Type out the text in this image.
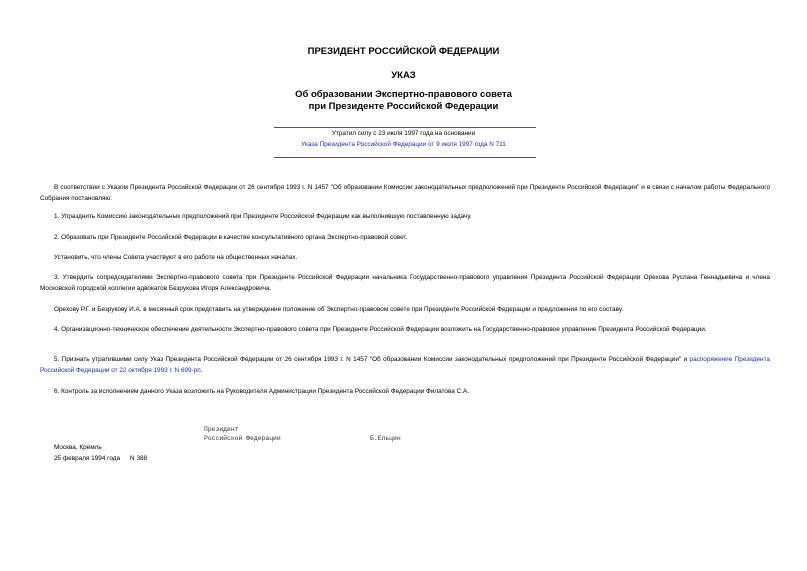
ПРЕЗИДЕНТ РОССИЙСКОЙ ФЕДЕРАЦИИ
УКАЗ
Об образовании Экспертно-правового совета
при Президенте Российской Федерации
Утратил силу с 23 июля 1997 года на основании
Указа Президента Российской Федерации от 9 июля 1997 года N 711
В соответствии с Указом Президента Российской Федерации от 26 сентября 1993 г. N 1457 "Об образовании Комиссии законодательных предположений при Президенте Российской Федерации" и в связи с началом работы Федерального Собрания постановляю:
1. Упразднить Комиссию законодательных предположений при Президенте Российской Федерации как выполнившую поставленную задачу.
2. Образовать при Президенте Российской Федерации в качестве консультативного органа Экспертно-правовой совет.
Установить, что члены Совета участвуют в его работе на общественных началах.
3. Утвердить сопредседателями Экспертно-правового совета при Президенте Российской Федерации начальника Государственно-правового управления Президента Российской Федерации Орехова Руслана Геннадьевича и члена Московской городской коллегии адвокатов Безрукова Игоря Александровича.
Орехову Р.Г. и Безрукову И.А. в месячный срок представить на утверждение положение об Экспертно-правовом совете при Президенте Российской Федерации и предложения по его составу.
4. Организационно-техническое обеспечение деятельности Экспертно-правового совета при Президенте Российской Федерации возложить на Государственно-правовое управление Президента Российской Федерации.
5. Признать утратившими силу Указ Президента Российской Федерации от 26 сентября 1993 г. N 1457 "Об образовании Комиссии законодательных предположений при Президенте Российской Федерации" и распоряжение Президента Российской Федерации от 22 октября 1993 г. N 699-рп.
6. Контроль за исполнением данного Указа возложить на Руководителя Администрации Президента Российской Федерации Филатова С.А.
Президент
Российской Федерации	Б.Ельцин
Москва, Кремль
25 февраля 1994 года N 388
